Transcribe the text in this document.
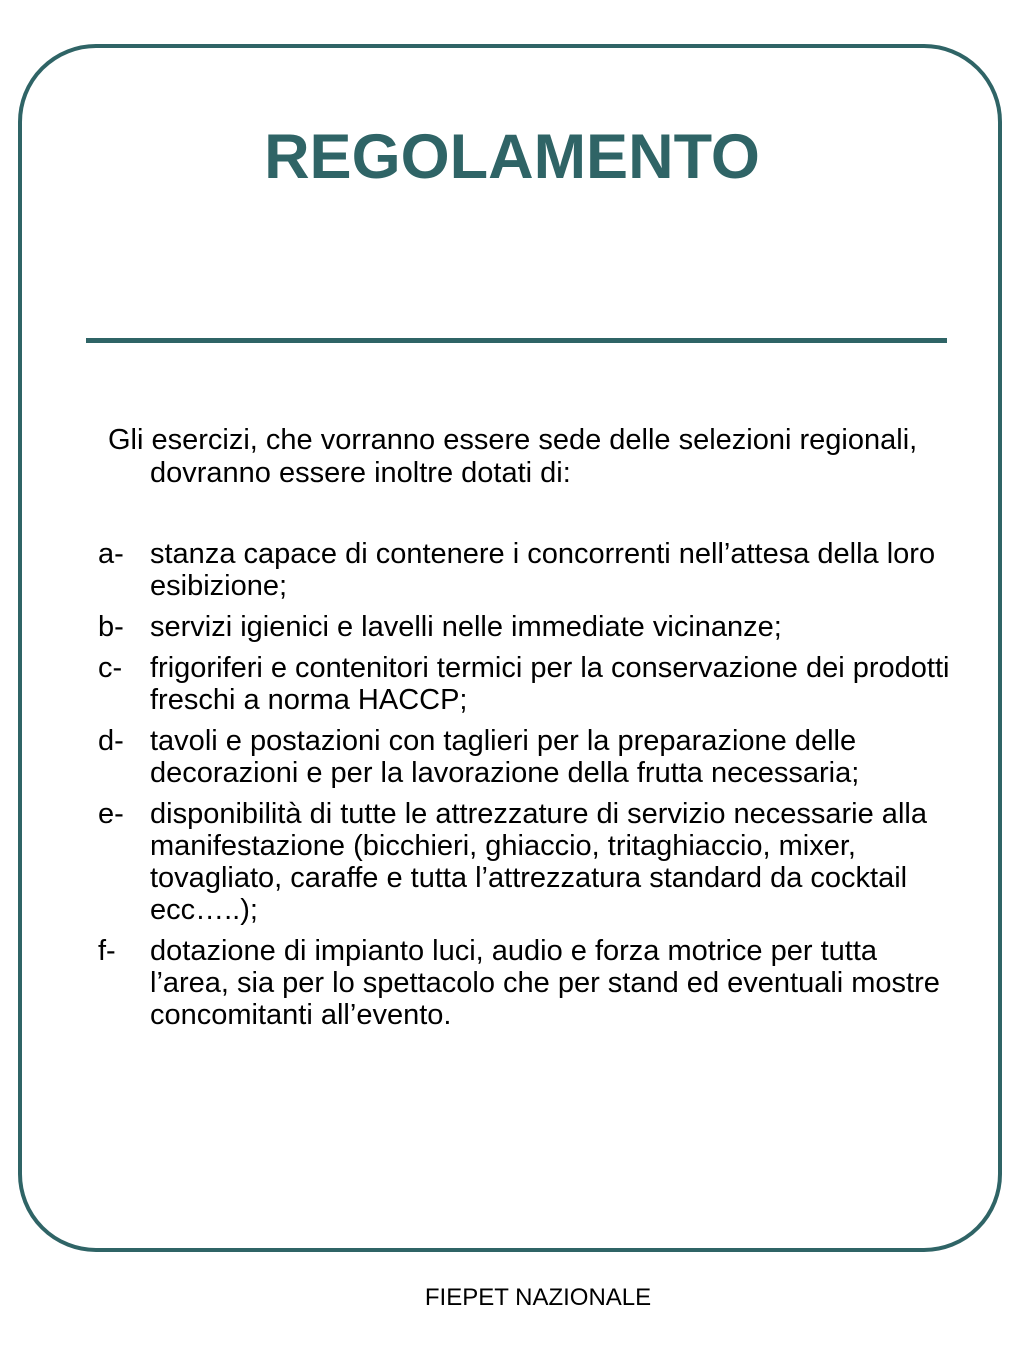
REGOLAMENTO
Gli esercizi, che vorranno essere sede delle selezioni regionali, dovranno essere inoltre dotati di:
a- stanza capace di contenere i concorrenti nell’attesa della loro esibizione;
b- servizi igienici e lavelli nelle immediate vicinanze;
c- frigoriferi e contenitori termici per la conservazione dei prodotti freschi a norma HACCP;
d- tavoli e postazioni con taglieri per la preparazione delle decorazioni e per la lavorazione della frutta necessaria;
e- disponibilità di tutte le attrezzature di servizio necessarie alla manifestazione (bicchieri, ghiaccio, tritaghiaccio, mixer, tovagliato, caraffe e tutta l’attrezzatura standard da cocktail ecc…..);
f- dotazione di impianto luci, audio e forza motrice per tutta l’area, sia per lo spettacolo che per stand ed eventuali mostre concomitanti all’evento.
FIEPET NAZIONALE
